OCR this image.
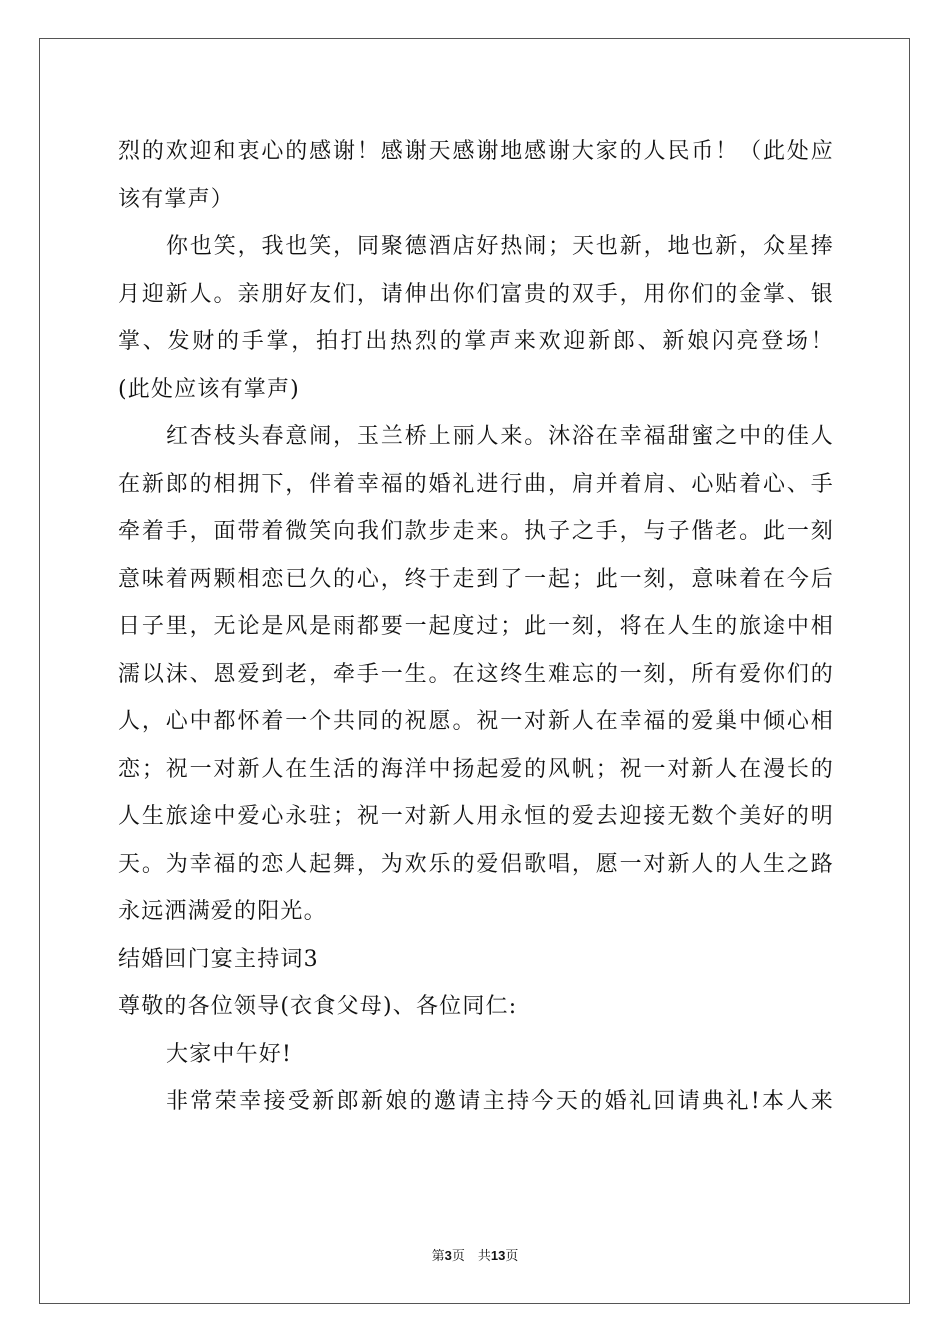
烈的欢迎和衷心的感谢！感谢天感谢地感谢大家的人民币！（此处应
该有掌声）
你也笑，我也笑，同聚德酒店好热闹；天也新，地也新，众星捧
月迎新人。亲朋好友们，请伸出你们富贵的双手，用你们的金掌、银
掌、发财的手掌，拍打出热烈的掌声来欢迎新郎、新娘闪亮登场！
(此处应该有掌声)
红杏枝头春意闹，玉兰桥上丽人来。沐浴在幸福甜蜜之中的佳人
在新郎的相拥下，伴着幸福的婚礼进行曲，肩并着肩、心贴着心、手
牵着手，面带着微笑向我们款步走来。执子之手，与子偕老。此一刻
意味着两颗相恋已久的心，终于走到了一起；此一刻，意味着在今后
日子里，无论是风是雨都要一起度过；此一刻，将在人生的旅途中相
濡以沫、恩爱到老，牵手一生。在这终生难忘的一刻，所有爱你们的
人，心中都怀着一个共同的祝愿。祝一对新人在幸福的爱巢中倾心相
恋；祝一对新人在生活的海洋中扬起爱的风帆；祝一对新人在漫长的
人生旅途中爱心永驻；祝一对新人用永恒的爱去迎接无数个美好的明
天。为幸福的恋人起舞，为欢乐的爱侣歌唱，愿一对新人的人生之路
永远洒满爱的阳光。
结婚回门宴主持词3
尊敬的各位领导(衣食父母)、各位同仁:
大家中午好!
非常荣幸接受新郎新娘的邀请主持今天的婚礼回请典礼!本人来
第3页　共13页
